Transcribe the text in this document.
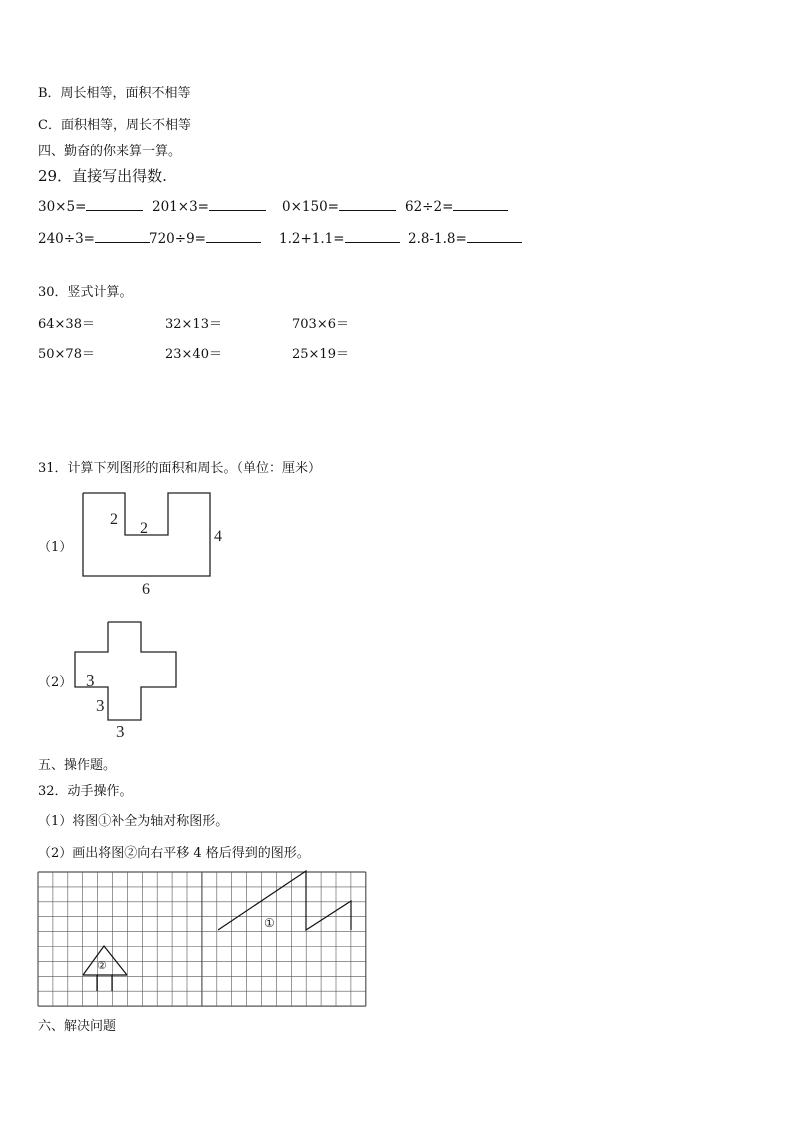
B．周长相等，面积不相等
C．面积相等，周长不相等
四、勤奋的你来算一算。
29．直接写出得数.
30×5=	201×3=	0×150=	62÷2=
240÷3=	720÷9=	1.2+1.1=	2.8-1.8=
30．竖式计算。
64×38＝	32×13＝	703×6＝
50×78＝	23×40＝	25×19＝
31．计算下列图形的面积和周长。（单位：厘米）
（1）
2
2	4
6
（2） 3
3
3
五、操作题。
32．动手操作。
（1）将图①补全为轴对称图形。
（2）画出将图②向右平移 4 格后得到的图形。
①
②
六、解决问题
